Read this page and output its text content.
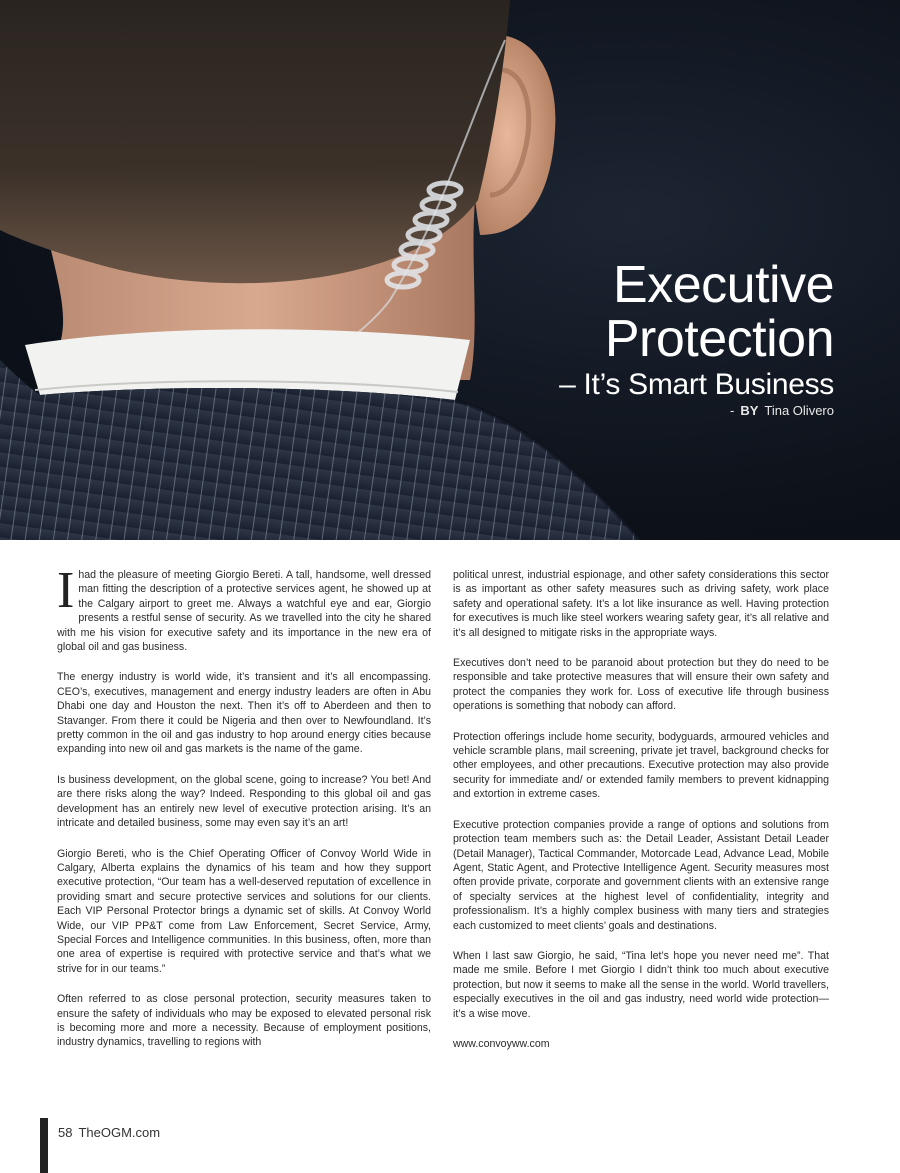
Executive
Protection
– It’s Smart Business
- BY Tina Olivero

Ihad the pleasure of meeting Giorgio Bereti. A tall, handsome, well dressed man fitting the description of a protective services agent, he showed up at the Calgary airport to greet me. Always a watchful eye and ear, Giorgio presents a restful sense of security. As we travelled into the city he shared with me his vision for executive safety and its importance in the new era of global oil and gas business.

The energy industry is world wide, it’s transient and it’s all encompassing. CEO’s, executives, management and energy industry leaders are often in Abu Dhabi one day and Houston the next. Then it’s off to Aberdeen and then to Stavanger. From there it could be Nigeria and then over to Newfoundland. It’s pretty common in the oil and gas industry to hop around energy cities because expanding into new oil and gas markets is the name of the game.

Is business development, on the global scene, going to increase? You bet! And are there risks along the way? Indeed. Responding to this global oil and gas development has an entirely new level of executive protection arising. It’s an intricate and detailed business, some may even say it’s an art!

Giorgio Bereti, who is the Chief Operating Officer of Convoy World Wide in Calgary, Alberta explains the dynamics of his team and how they support executive protection, “Our team has a well-deserved reputation of excellence in providing smart and secure protective services and solutions for our clients. Each VIP Personal Protector brings a dynamic set of skills. At Convoy World Wide, our VIP PP&T come from Law Enforcement, Secret Service, Army, Special Forces and Intelligence communities. In this business, often, more than one area of expertise is required with protective service and that’s what we strive for in our teams.”

Often referred to as close personal protection, security measures taken to ensure the safety of individuals who may be exposed to elevated personal risk is becoming more and more a necessity. Because of employment positions, industry dynamics, travelling to regions with

political unrest, industrial espionage, and other safety considerations this sector is as important as other safety measures such as driving safety, work place safety and operational safety. It’s a lot like insurance as well. Having protection for executives is much like steel workers wearing safety gear, it’s all relative and it’s all designed to mitigate risks in the appropriate ways.

Executives don’t need to be paranoid about protection but they do need to be responsible and take protective measures that will ensure their own safety and protect the companies they work for. Loss of executive life through business operations is something that nobody can afford.

Protection offerings include home security, bodyguards, armoured vehicles and vehicle scramble plans, mail screening, private jet travel, background checks for other employees, and other precautions. Executive protection may also provide security for immediate and/ or extended family members to prevent kidnapping and extortion in extreme cases.

Executive protection companies provide a range of options and solutions from protection team members such as: the Detail Leader, Assistant Detail Leader (Detail Manager), Tactical Commander, Motorcade Lead, Advance Lead, Mobile Agent, Static Agent, and Protective Intelligence Agent. Security measures most often provide private, corporate and government clients with an extensive range of specialty services at the highest level of confidentiality, integrity and professionalism. It’s a highly complex business with many tiers and strategies each customized to meet clients’ goals and destinations.

When I last saw Giorgio, he said, “Tina let’s hope you never need me”. That made me smile. Before I met Giorgio I didn’t think too much about executive protection, but now it seems to make all the sense in the world. World travellers, especially executives in the oil and gas industry, need world wide protection—it’s a wise move.

www.convoyww.com

58 TheOGM.com
